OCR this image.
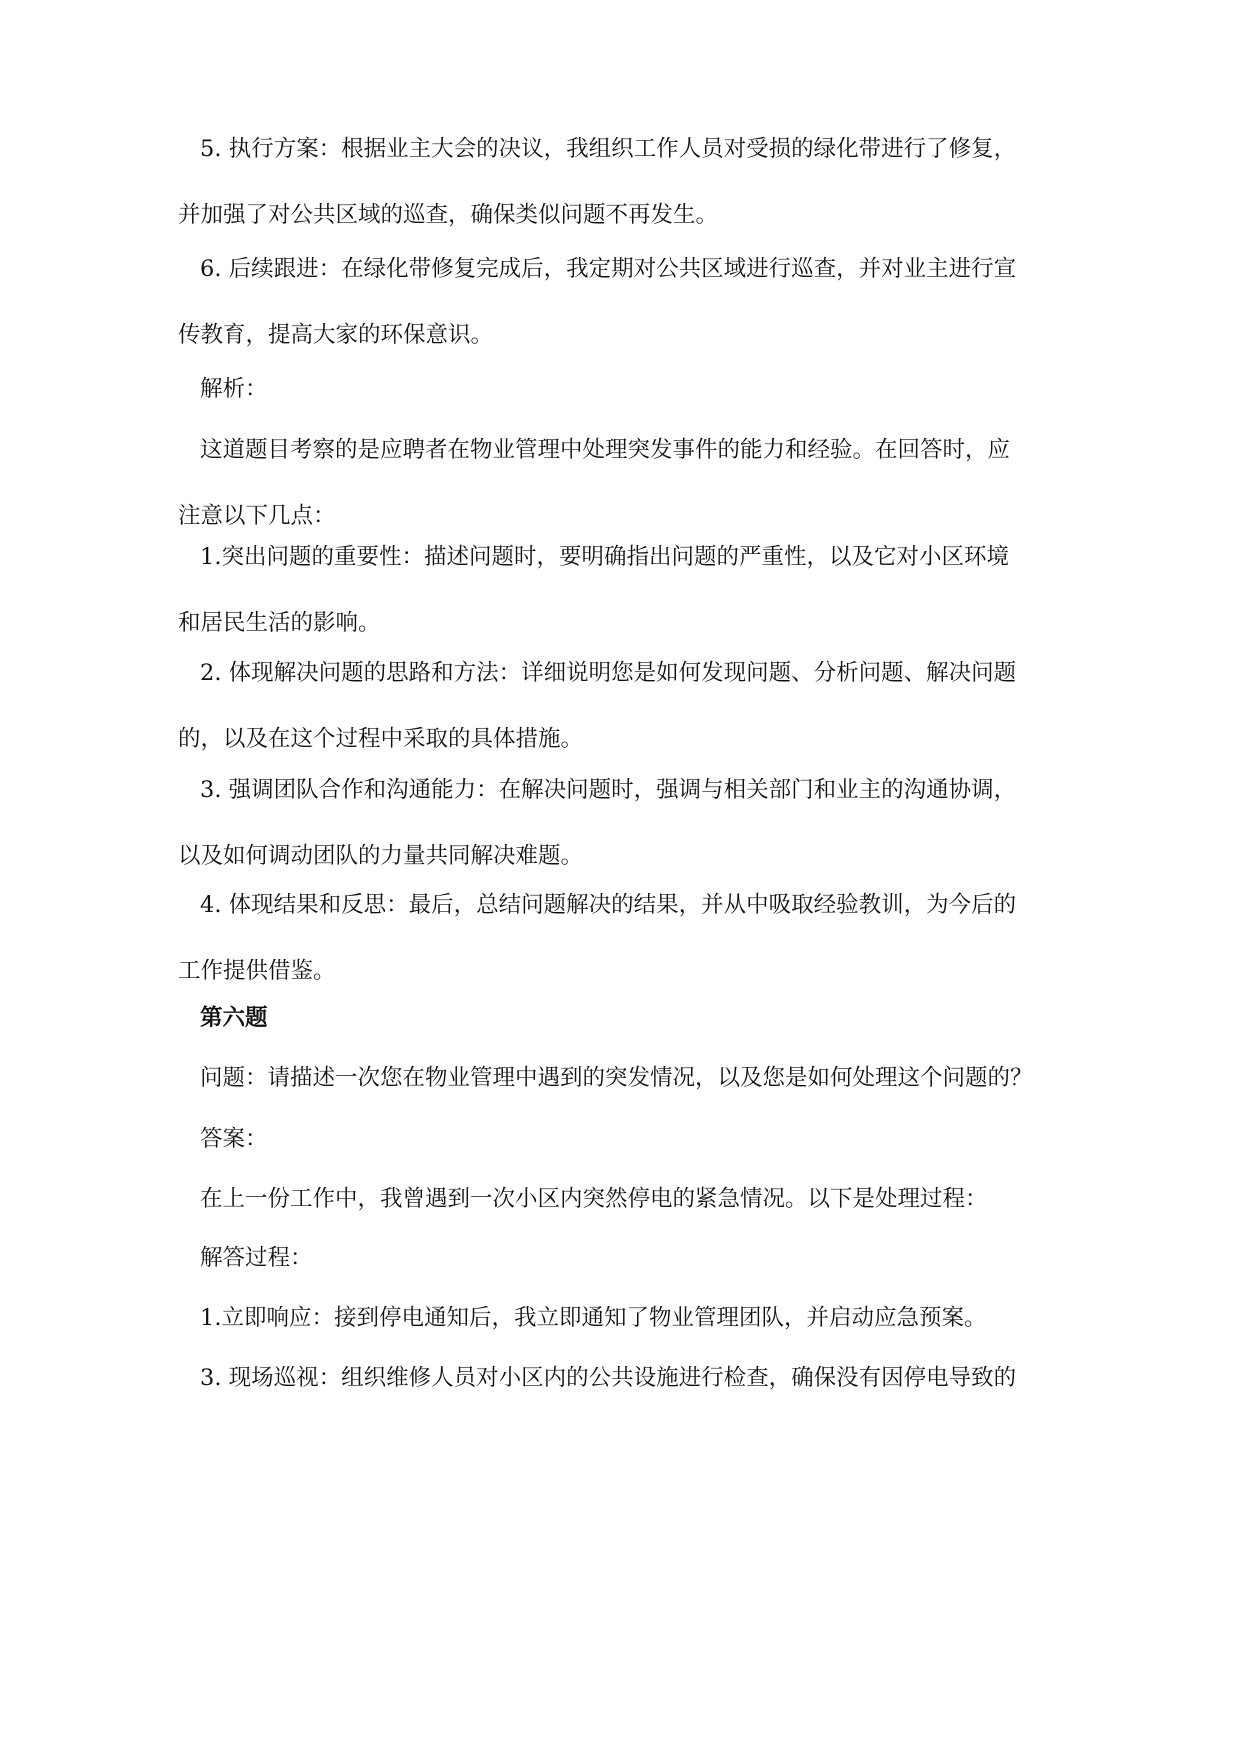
5. 执行方案：根据业主大会的决议，我组织工作人员对受损的绿化带进行了修复，
并加强了对公共区域的巡查，确保类似问题不再发生。

6. 后续跟进：在绿化带修复完成后，我定期对公共区域进行巡查，并对业主进行宣
传教育，提高大家的环保意识。

解析：

这道题目考察的是应聘者在物业管理中处理突发事件的能力和经验。在回答时，应
注意以下几点：

1.突出问题的重要性：描述问题时，要明确指出问题的严重性，以及它对小区环境
和居民生活的影响。

2. 体现解决问题的思路和方法：详细说明您是如何发现问题、分析问题、解决问题
的，以及在这个过程中采取的具体措施。

3. 强调团队合作和沟通能力：在解决问题时，强调与相关部门和业主的沟通协调，
以及如何调动团队的力量共同解决难题。

4. 体现结果和反思：最后，总结问题解决的结果，并从中吸取经验教训，为今后的
工作提供借鉴。

第六题

问题：请描述一次您在物业管理中遇到的突发情况，以及您是如何处理这个问题的？

答案：

在上一份工作中，我曾遇到一次小区内突然停电的紧急情况。以下是处理过程：

解答过程：

1.立即响应：接到停电通知后，我立即通知了物业管理团队，并启动应急预案。

3. 现场巡视：组织维修人员对小区内的公共设施进行检查，确保没有因停电导致的
